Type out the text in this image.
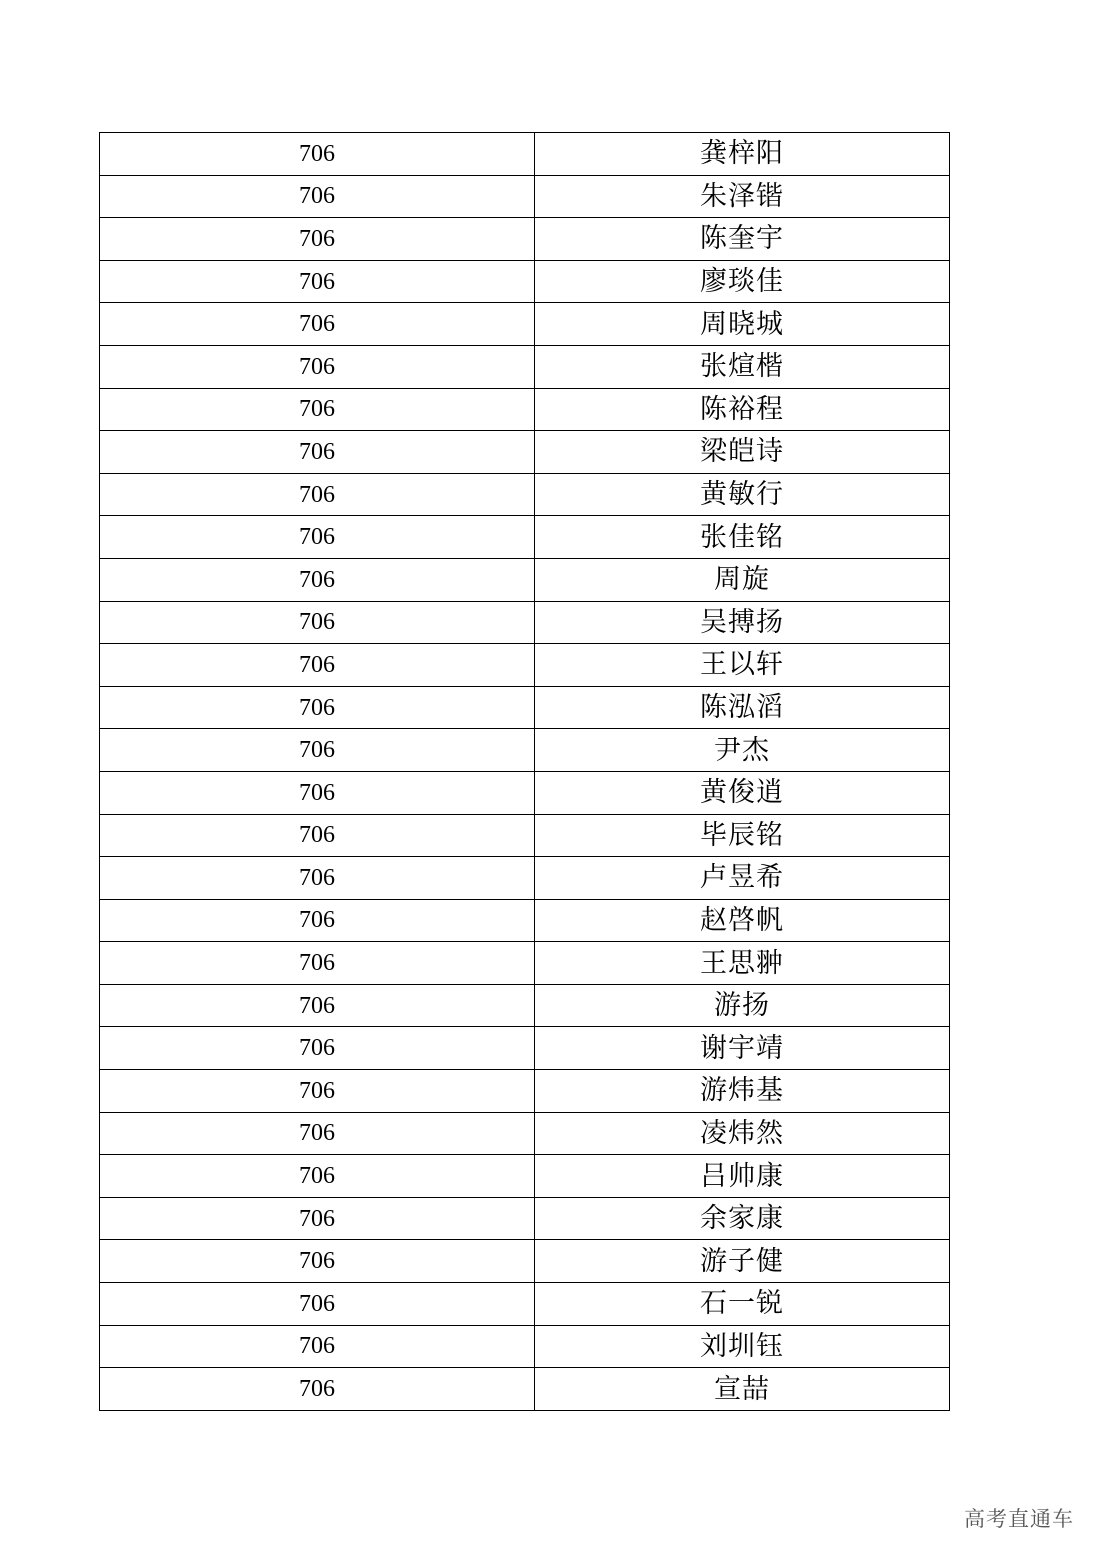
706	龚梓阳
706	朱泽锴
706	陈奎宇
706	廖琰佳
706	周晓城
706	张煊楷
706	陈裕程
706	梁皑诗
706	黄敏行
706	张佳铭
706	周旋
706	吴搏扬
706	王以轩
706	陈泓滔
706	尹杰
706	黄俊逍
706	毕辰铭
706	卢昱希
706	赵啓帆
706	王思翀
706	游扬
706	谢宇靖
706	游炜基
706	凌炜然
706	吕帅康
706	余家康
706	游子健
706	石一锐
706	刘圳钰
706	宣喆
高考直通车
